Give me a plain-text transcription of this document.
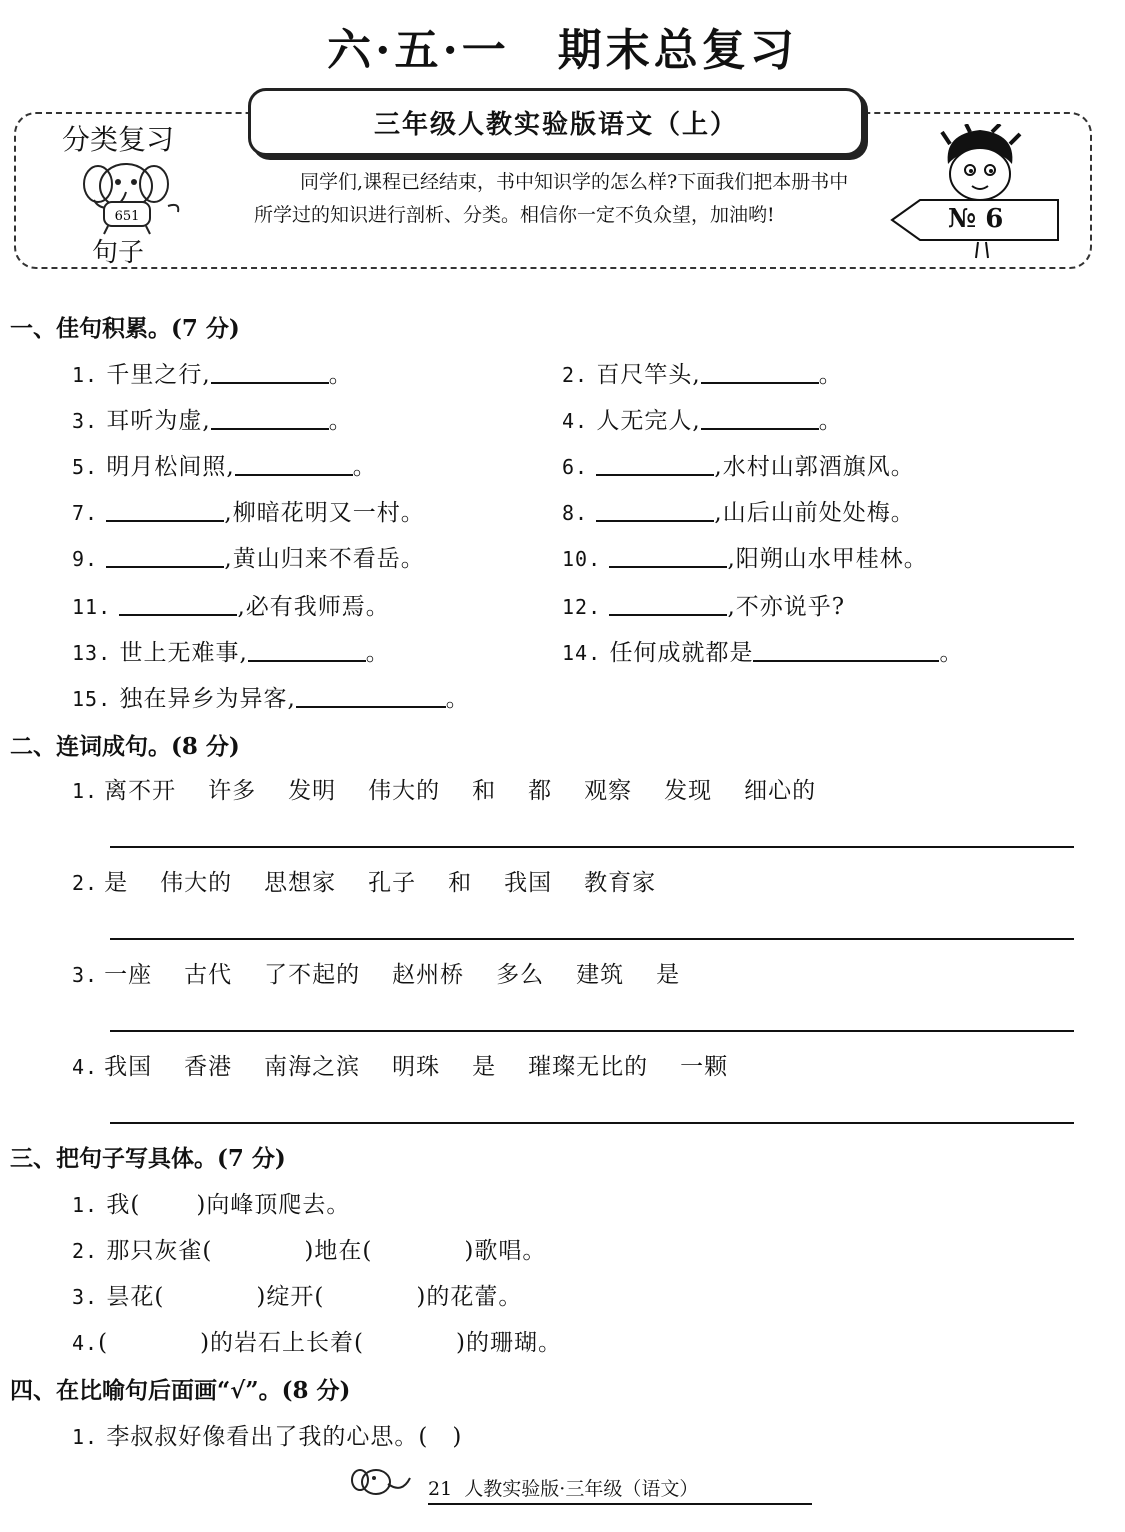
六·五·一　期末总复习
三年级人教实验版语文（上）
分类复习
651
句子
同学们,课程已经结束，书中知识学的怎么样?下面我们把本册书中所学过的知识进行剖析、分类。相信你一定不负众望，加油哟!	№ 6
一、佳句积累。(7 分)
1. 千里之行,	。	2. 百尺竿头,	。
3. 耳听为虚,	。	4. 人无完人,	。
5. 明月松间照,	。	6.	,水村山郭酒旗风。
7.	,柳暗花明又一村。	8.	,山后山前处处梅。
9.	,黄山归来不看岳。	10.	,阳朔山水甲桂林。
11.	,必有我师焉。	12.	,不亦说乎?
13. 世上无难事,	。	14. 任何成就都是	。
15. 独在异乡为异客,	。
二、连词成句。(8 分)
1. 离不开 许多 发明 伟大的 和 都 观察 发现 细心的
2. 是 伟大的 思想家 孔子 和 我国 教育家
3. 一座 古代 了不起的 赵州桥 多么 建筑 是
4. 我国 香港 南海之滨 明珠 是 璀璨无比的 一颗
三、把句子写具体。(7 分)
1. 我( )向峰顶爬去。
2. 那只灰雀(	)地在(	)歌唱。
3. 昙花(	)绽开(	)的花蕾。
4.(	)的岩石上长着(	)的珊瑚。
四、在比喻句后面画“√”。(8 分)
1. 李叔叔好像看出了我的心思。(　)
21 人教实验版·三年级（语文）
